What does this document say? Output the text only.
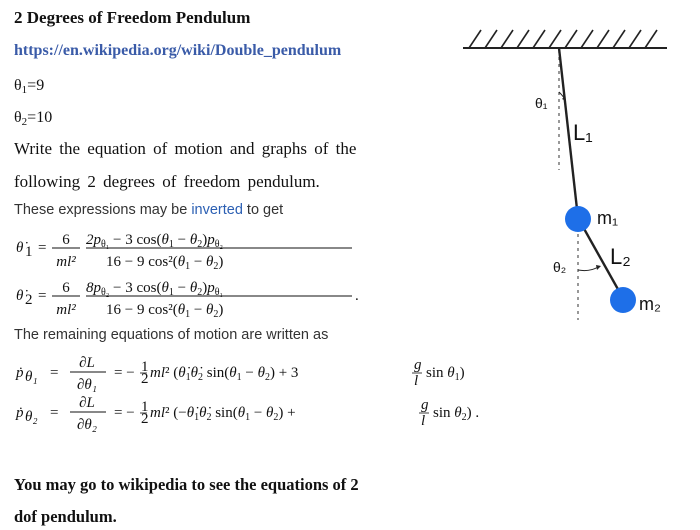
2 Degrees of Freedom Pendulum
https://en.wikipedia.org/wiki/Double_pendulum
$\theta_1=9$
$\theta_2=10$
Write the equation of motion and graphs of the
following 2 degrees of freedom pendulum.
These expressions may be inverted to get
θ̇ 1 = 6
ml²
$2p_{\theta_1} - 3$ $\cos(\theta_1 - \theta_2)p_{\theta_2}$
16 − 9 $\cos^2(\theta_1 - \theta_2)$
θ̇ 2 = 6
ml²
$8p_{\theta_2} - 3$ $\cos(\theta_1 - \theta_2)p_{\theta_1}$
16 − 9 $\cos^2(\theta_1 - \theta_2)$
.
The remaining equations of motion are written as
ṗ θ₁ =
∂L
∂θ₁
= − 1
2 ml² ($\thetȧ_1\thetȧ_2$ $\sin(\theta_1 - \theta_2) + 3$	g
l $\sin \theta_1$)
ṗ θ₂ =
∂L
∂θ₂
= − 1
2 ml² ($-\thetȧ_1\thetȧ_2$ $\sin(\theta_1 - \theta_2)$ +	g
l $\sin \theta_2$) .
You may go to wikipedia to see the equations of 2
dof pendulum.
θ₁
L₁
m₁
L₂
θ₂
m₂
